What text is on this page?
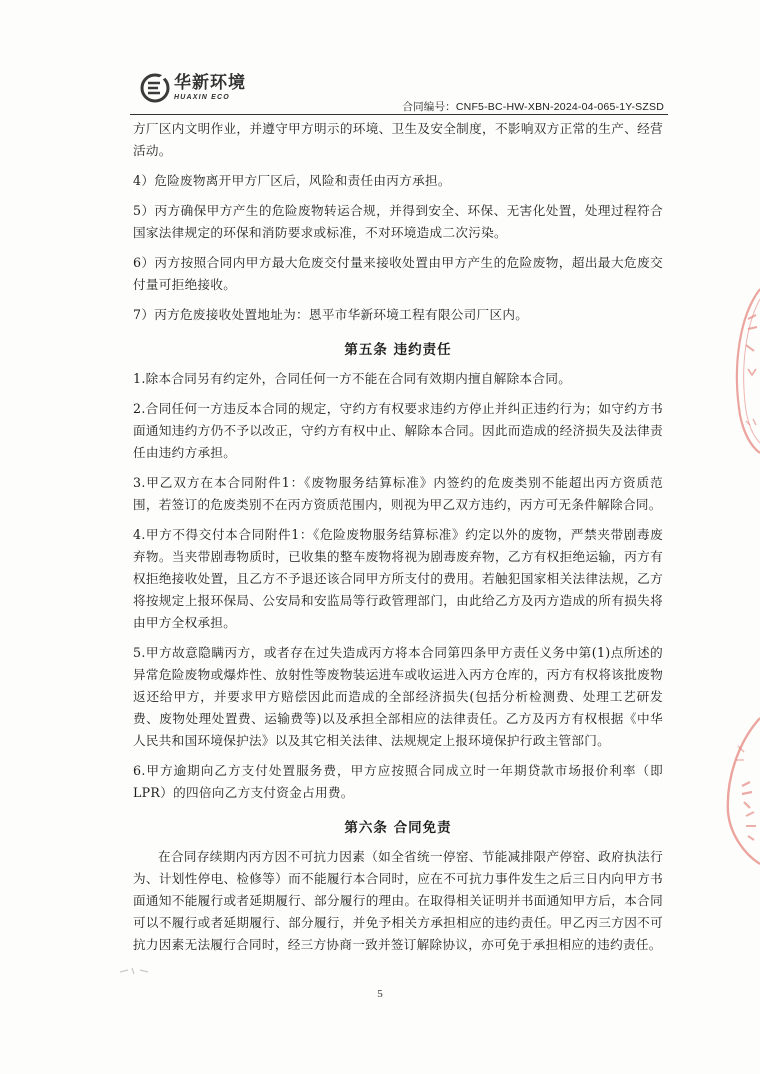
华新环境
HUAXIN ECO
合同编号：CNF5-BC-HW-XBN-2024-04-065-1Y-SZSD

方厂区内文明作业，并遵守甲方明示的环境、卫生及安全制度，不影响双方正常的生产、经营活动。

4）危险废物离开甲方厂区后，风险和责任由丙方承担。

5）丙方确保甲方产生的危险废物转运合规，并得到安全、环保、无害化处置，处理过程符合国家法律规定的环保和消防要求或标准，不对环境造成二次污染。

6）丙方按照合同内甲方最大危废交付量来接收处置由甲方产生的危险废物，超出最大危废交付量可拒绝接收。

7）丙方危废接收处置地址为：恩平市华新环境工程有限公司厂区内。

第五条 违约责任

1.除本合同另有约定外，合同任何一方不能在合同有效期内擅自解除本合同。

2.合同任何一方违反本合同的规定，守约方有权要求违约方停止并纠正违约行为；如守约方书面通知违约方仍不予以改正，守约方有权中止、解除本合同。因此而造成的经济损失及法律责任由违约方承担。

3.甲乙双方在本合同附件1：《废物服务结算标准》内签约的危废类别不能超出丙方资质范围，若签订的危废类别不在丙方资质范围内，则视为甲乙双方违约，丙方可无条件解除合同。

4.甲方不得交付本合同附件1：《危险废物服务结算标准》约定以外的废物，严禁夹带剧毒废弃物。当夹带剧毒物质时，已收集的整车废物将视为剧毒废弃物，乙方有权拒绝运输，丙方有权拒绝接收处置，且乙方不予退还该合同甲方所支付的费用。若触犯国家相关法律法规，乙方将按规定上报环保局、公安局和安监局等行政管理部门，由此给乙方及丙方造成的所有损失将由甲方全权承担。

5.甲方故意隐瞒丙方，或者存在过失造成丙方将本合同第四条甲方责任义务中第(1)点所述的异常危险废物或爆炸性、放射性等废物装运进车或收运进入丙方仓库的，丙方有权将该批废物返还给甲方，并要求甲方赔偿因此而造成的全部经济损失(包括分析检测费、处理工艺研发费、废物处理处置费、运输费等)以及承担全部相应的法律责任。乙方及丙方有权根据《中华人民共和国环境保护法》以及其它相关法律、法规规定上报环境保护行政主管部门。

6.甲方逾期向乙方支付处置服务费，甲方应按照合同成立时一年期贷款市场报价利率（即LPR）的四倍向乙方支付资金占用费。

第六条 合同免责

在合同存续期内丙方因不可抗力因素（如全省统一停窑、节能减排限产停窑、政府执法行为、计划性停电、检修等）而不能履行本合同时，应在不可抗力事件发生之后三日内向甲方书面通知不能履行或者延期履行、部分履行的理由。在取得相关证明并书面通知甲方后，本合同可以不履行或者延期履行、部分履行，并免予相关方承担相应的违约责任。甲乙丙三方因不可抗力因素无法履行合同时，经三方协商一致并签订解除协议，亦可免于承担相应的违约责任。

5
